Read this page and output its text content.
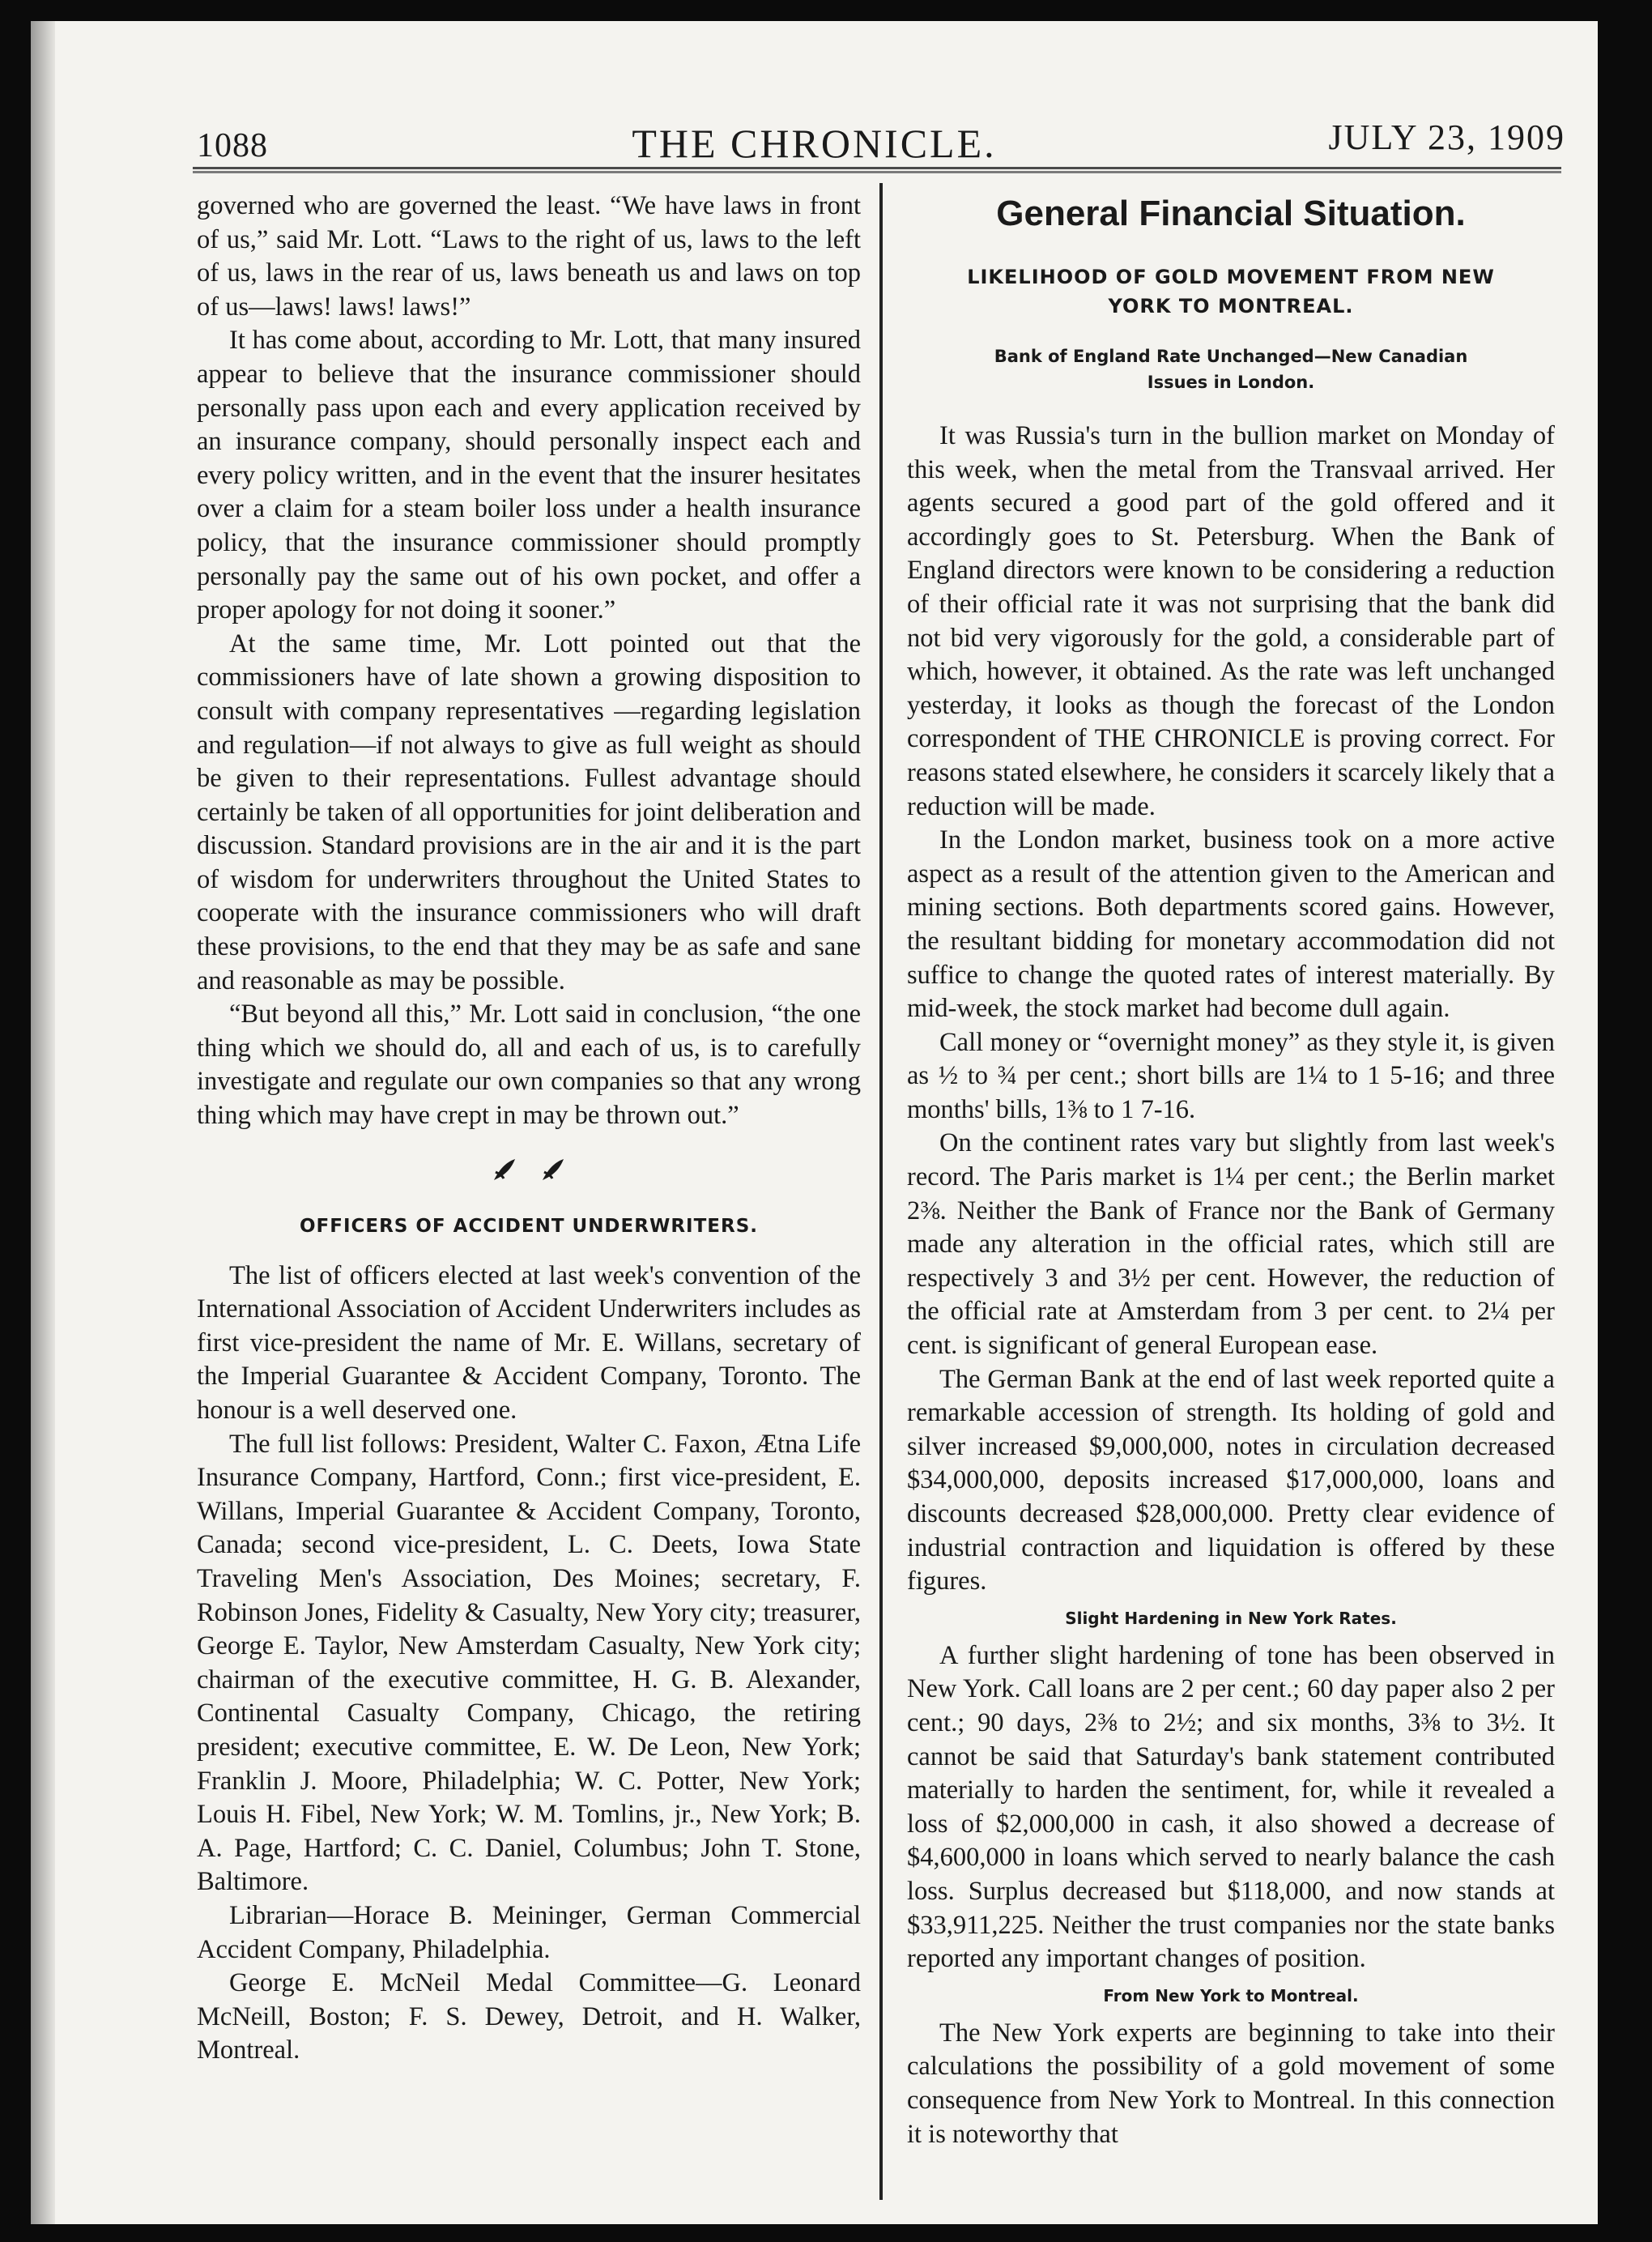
1088	THE CHRONICLE.	JULY 23, 1909

governed who are governed the least. “We have laws in front of us,” said Mr. Lott. “Laws to the right of us, laws to the left of us, laws in the rear of us, laws beneath us and laws on top of us—laws! laws! laws!”

It has come about, according to Mr. Lott, that many insured appear to believe that the insurance commissioner should personally pass upon each and every application received by an insurance company, should personally inspect each and every policy written, and in the event that the insurer hesitates over a claim for a steam boiler loss under a health insurance policy, that the insurance commissioner should promptly personally pay the same out of his own pocket, and offer a proper apology for not doing it sooner.”

At the same time, Mr. Lott pointed out that the commissioners have of late shown a growing disposition to consult with company representatives —regarding legislation and regulation—if not always to give as full weight as should be given to their representations. Fullest advantage should certainly be taken of all opportunities for joint deliberation and discussion. Standard provisions are in the air and it is the part of wisdom for underwriters throughout the United States to cooperate with the insurance commissioners who will draft these provisions, to the end that they may be as safe and sane and reasonable as may be possible.

“But beyond all this,” Mr. Lott said in conclusion, “the one thing which we should do, all and each of us, is to carefully investigate and regulate our own companies so that any wrong thing which may have crept in may be thrown out.”

OFFICERS OF ACCIDENT UNDERWRITERS.

The list of officers elected at last week's convention of the International Association of Accident Underwriters includes as first vice-president the name of Mr. E. Willans, secretary of the Imperial Guarantee & Accident Company, Toronto. The honour is a well deserved one.

The full list follows: President, Walter C. Faxon, Ætna Life Insurance Company, Hartford, Conn.; first vice-president, E. Willans, Imperial Guarantee & Accident Company, Toronto, Canada; second vice-president, L. C. Deets, Iowa State Traveling Men's Association, Des Moines; secretary, F. Robinson Jones, Fidelity & Casualty, New Yory city; treasurer, George E. Taylor, New Amsterdam Casualty, New York city; chairman of the executive committee, H. G. B. Alexander, Continental Casualty Company, Chicago, the retiring president; executive committee, E. W. De Leon, New York; Franklin J. Moore, Philadelphia; W. C. Potter, New York; Louis H. Fibel, New York; W. M. Tomlins, jr., New York; B. A. Page, Hartford; C. C. Daniel, Columbus; John T. Stone, Baltimore.

Librarian—Horace B. Meininger, German Commercial Accident Company, Philadelphia.

George E. McNeil Medal Committee—G. Leonard McNeill, Boston; F. S. Dewey, Detroit, and H. Walker, Montreal.

General Financial Situation.
LIKELIHOOD OF GOLD MOVEMENT FROM NEW YORK TO MONTREAL.
Bank of England Rate Unchanged—New Canadian Issues in London.

It was Russia's turn in the bullion market on Monday of this week, when the metal from the Transvaal arrived. Her agents secured a good part of the gold offered and it accordingly goes to St. Petersburg. When the Bank of England directors were known to be considering a reduction of their official rate it was not surprising that the bank did not bid very vigorously for the gold, a considerable part of which, however, it obtained. As the rate was left unchanged yesterday, it looks as though the forecast of the London correspondent of THE CHRONICLE is proving correct. For reasons stated elsewhere, he considers it scarcely likely that a reduction will be made.

In the London market, business took on a more active aspect as a result of the attention given to the American and mining sections. Both departments scored gains. However, the resultant bidding for monetary accommodation did not suffice to change the quoted rates of interest materially. By mid-week, the stock market had become dull again.

Call money or “overnight money” as they style it, is given as ½ to ¾ per cent.; short bills are 1¼ to 1 5-16; and three months' bills, 1⅜ to 1 7-16.

On the continent rates vary but slightly from last week's record. The Paris market is 1¼ per cent.; the Berlin market 2⅜. Neither the Bank of France nor the Bank of Germany made any alteration in the official rates, which still are respectively 3 and 3½ per cent. However, the reduction of the official rate at Amsterdam from 3 per cent. to 2¼ per cent. is significant of general European ease.

The German Bank at the end of last week reported quite a remarkable accession of strength. Its holding of gold and silver increased $9,000,000, notes in circulation decreased $34,000,000, deposits increased $17,000,000, loans and discounts decreased $28,000,000. Pretty clear evidence of industrial contraction and liquidation is offered by these figures.

Slight Hardening in New York Rates.

A further slight hardening of tone has been observed in New York. Call loans are 2 per cent.; 60 day paper also 2 per cent.; 90 days, 2⅜ to 2½; and six months, 3⅜ to 3½. It cannot be said that Saturday's bank statement contributed materially to harden the sentiment, for, while it revealed a loss of $2,000,000 in cash, it also showed a decrease of $4,600,000 in loans which served to nearly balance the cash loss. Surplus decreased but $118,000, and now stands at $33,911,225. Neither the trust companies nor the state banks reported any important changes of position.

From New York to Montreal.

The New York experts are beginning to take into their calculations the possibility of a gold movement of some consequence from New York to Montreal. In this connection it is noteworthy that
